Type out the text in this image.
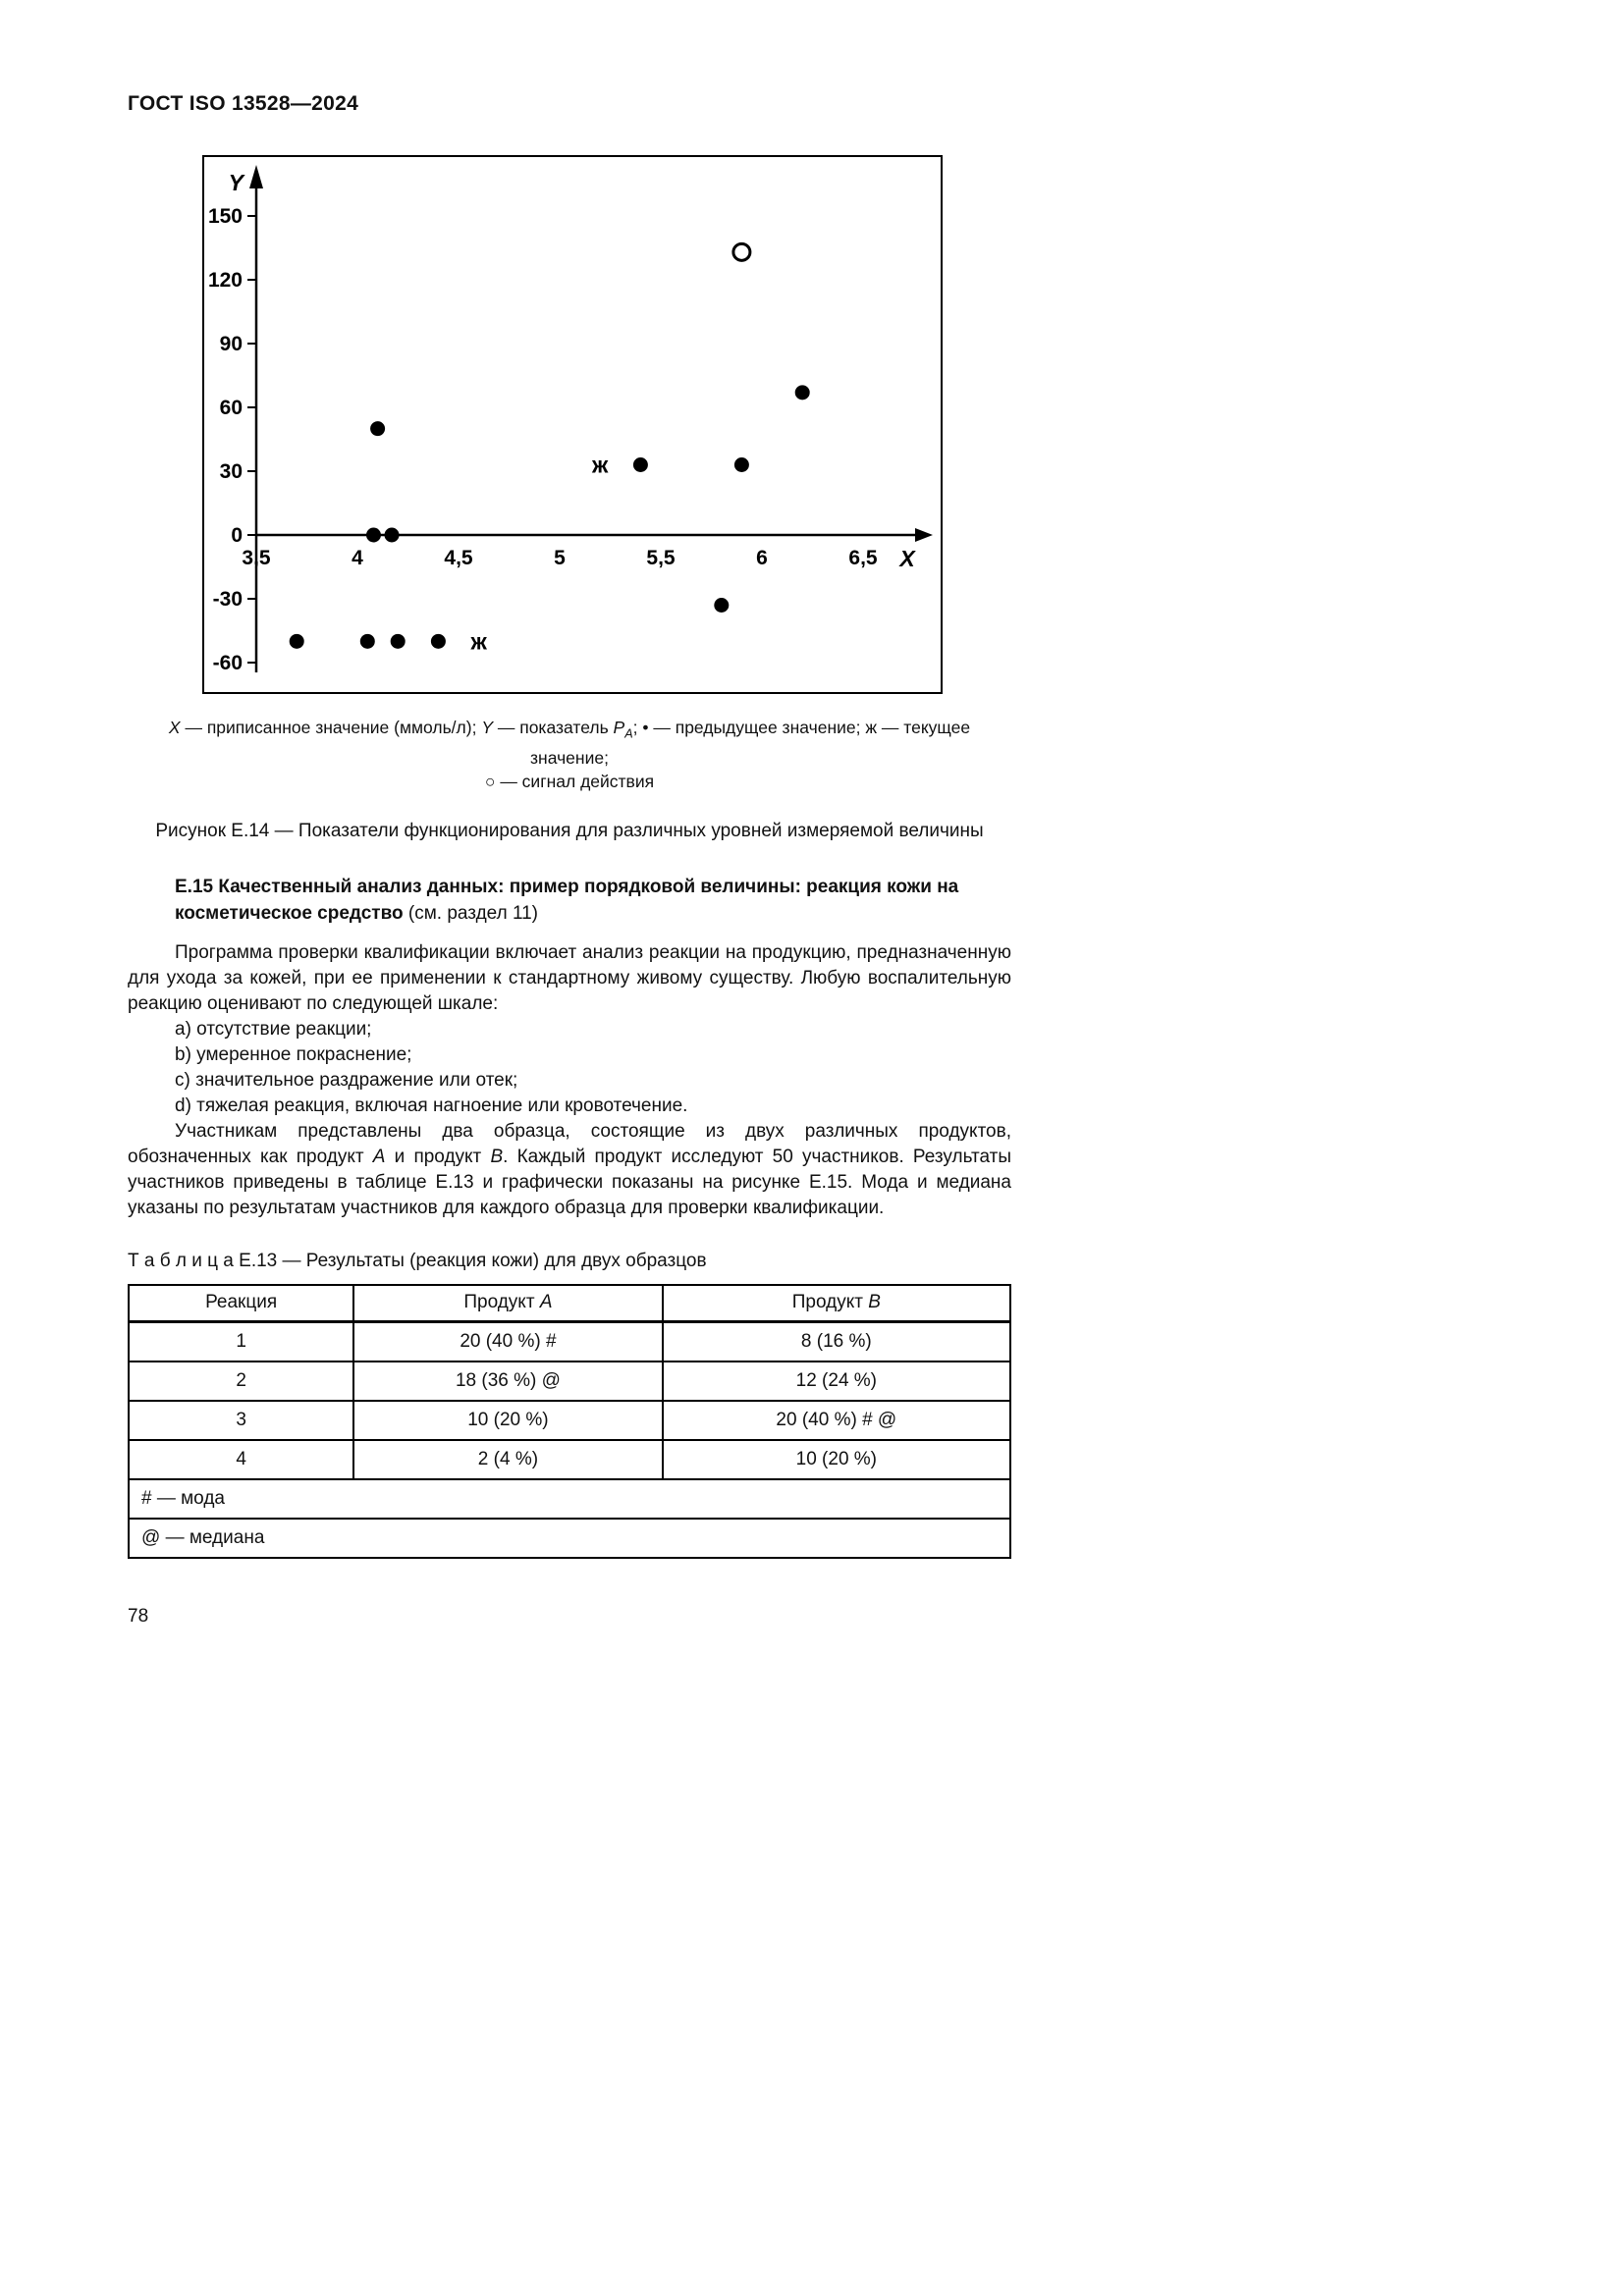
ГОСТ ISO 13528—2024
3,5	4	4,5	5	5,5	6	6,5
150
120
90
60
30
0
-30
-60
Y
X
ж
ж
X — приписанное значение (ммоль/л); Y — показатель $P_A$; • — предыдущее значение; ж — текущее значение;
○ — сигнал действия
Рисунок Е.14 — Показатели функционирования для различных уровней измеряемой величины
Е.15 Качественный анализ данных: пример порядковой величины: реакция кожи на косметическое средство (см. раздел 11)

Программа проверки квалификации включает анализ реакции на продукцию, предназначенную для ухода за кожей, при ее применении к стандартному живому существу. Любую воспалительную реакцию оценивают по следующей шкале:

a) отсутствие реакции;
b) умеренное покраснение;
c) значительное раздражение или отек;
d) тяжелая реакция, включая нагноение или кровотечение.

Участникам представлены два образца, состоящие из двух различных продуктов, обозначенных как продукт A и продукт B. Каждый продукт исследуют 50 участников. Результаты участников приведены в таблице Е.13 и графически показаны на рисунке Е.15. Мода и медиана указаны по результатам участников для каждого образца для проверки квалификации.

Т а б л и ц а Е.13 — Результаты (реакция кожи) для двух образцов
Реакция	Продукт A	Продукт B
1	20 (40 %) #	8 (16 %)
2	18 (36 %) @	12 (24 %)
3	10 (20 %)	20 (40 %) # @
4	2 (4 %)	10 (20 %)
# — мода		
@ — медиана		
78
